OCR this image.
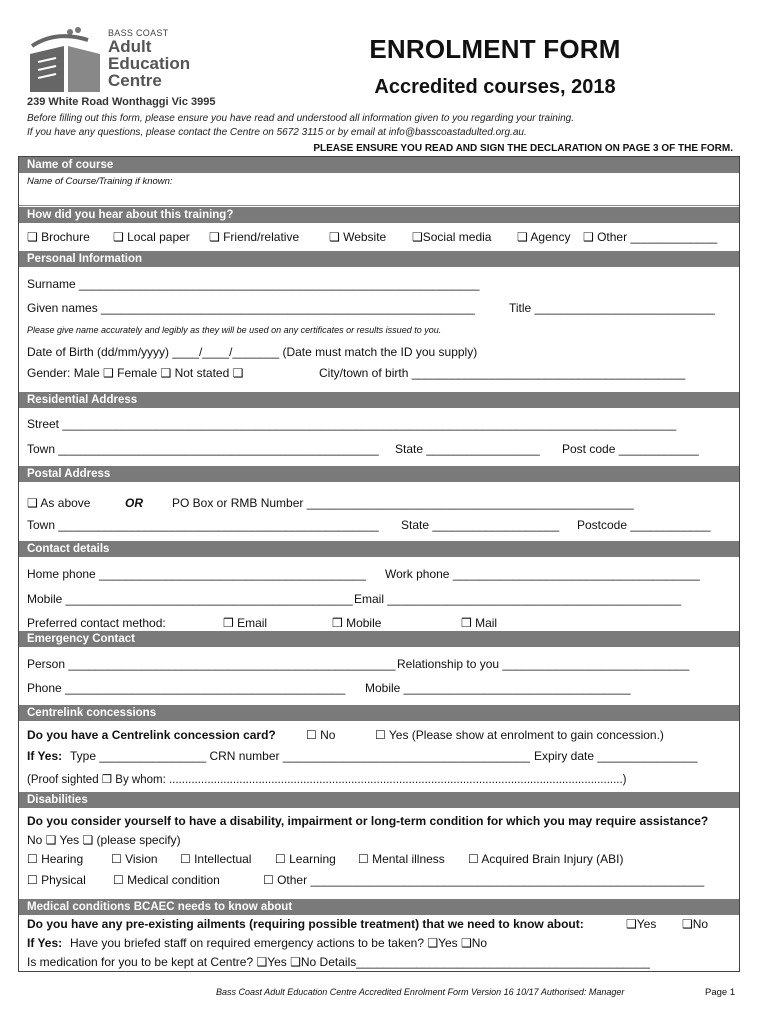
BASS COAST
Adult
Education
Centre
ENROLMENT FORM
Accredited courses, 2018
239 White Road Wonthaggi Vic 3995
Before filling out this form, please ensure you have read and understood all information given to you regarding your training.
If you have any questions, please contact the Centre on 5672 3115 or by email at info@basscoastadulted.org.au.
PLEASE ENSURE YOU READ AND SIGN THE DECLARATION ON PAGE 3 OF THE FORM.
Name of course
Name of Course/Training if known:
How did you hear about this training?
❑ Brochure ❑ Local paper ❑ Friend/relative ❑ Website ❑Social media ❑ Agency ❑ Other _____________
Personal Information
Surname ____________________________________________________________
Given names ________________________________________________________	Title ___________________________
Please give name accurately and legibly as they will be used on any certificates or results issued to you.
Date of Birth (dd/mm/yyyy) ____/____/_______ (Date must match the ID you supply)
Gender: Male ❑ Female ❑ Not stated ❑	City/town of birth _________________________________________
Residential Address
Street ____________________________________________________________________________________________
Town ________________________________________________ State _________________ Post code ____________
Postal Address
❑ As above	OR PO Box or RMB Number _________________________________________________
Town ________________________________________________ State ___________________ Postcode ____________
Contact details
Home phone ________________________________________ Work phone _____________________________________
Mobile ___________________________________________ Email ____________________________________________
Preferred contact method:	❒ Email	❒ Mobile	❒ Mail
Emergency Contact
Person _________________________________________________ Relationship to you ____________________________
Phone __________________________________________ Mobile __________________________________
Centrelink concessions
Do you have a Centrelink concession card?	☐ No	☐ Yes (Please show at enrolment to gain concession.)
If Yes: Type ________________ CRN number _____________________________________ Expiry date _______________
(Proof sighted ❒ By whom: ..............................................................................................................................................)
Disabilities
Do you consider yourself to have a disability, impairment or long-term condition for which you may require assistance?
No ❑ Yes ❑ (please specify)
☐ Hearing ☐ Vision ☐ Intellectual ☐ Learning ☐ Mental illness ☐ Acquired Brain Injury (ABI)
☐ Physical ☐ Medical condition	☐ Other ___________________________________________________________
Medical conditions BCAEC needs to know about
Do you have any pre-existing ailments (requiring possible treatment) that we need to know about:	❑Yes ❑No
If Yes: Have you briefed staff on required emergency actions to be taken? ❑Yes ❑No
Is medication for you to be kept at Centre? ❑Yes ❑No Details____________________________________________
Bass Coast Adult Education Centre Accredited Enrolment Form Version 16 10/17 Authorised: Manager	Page 1
